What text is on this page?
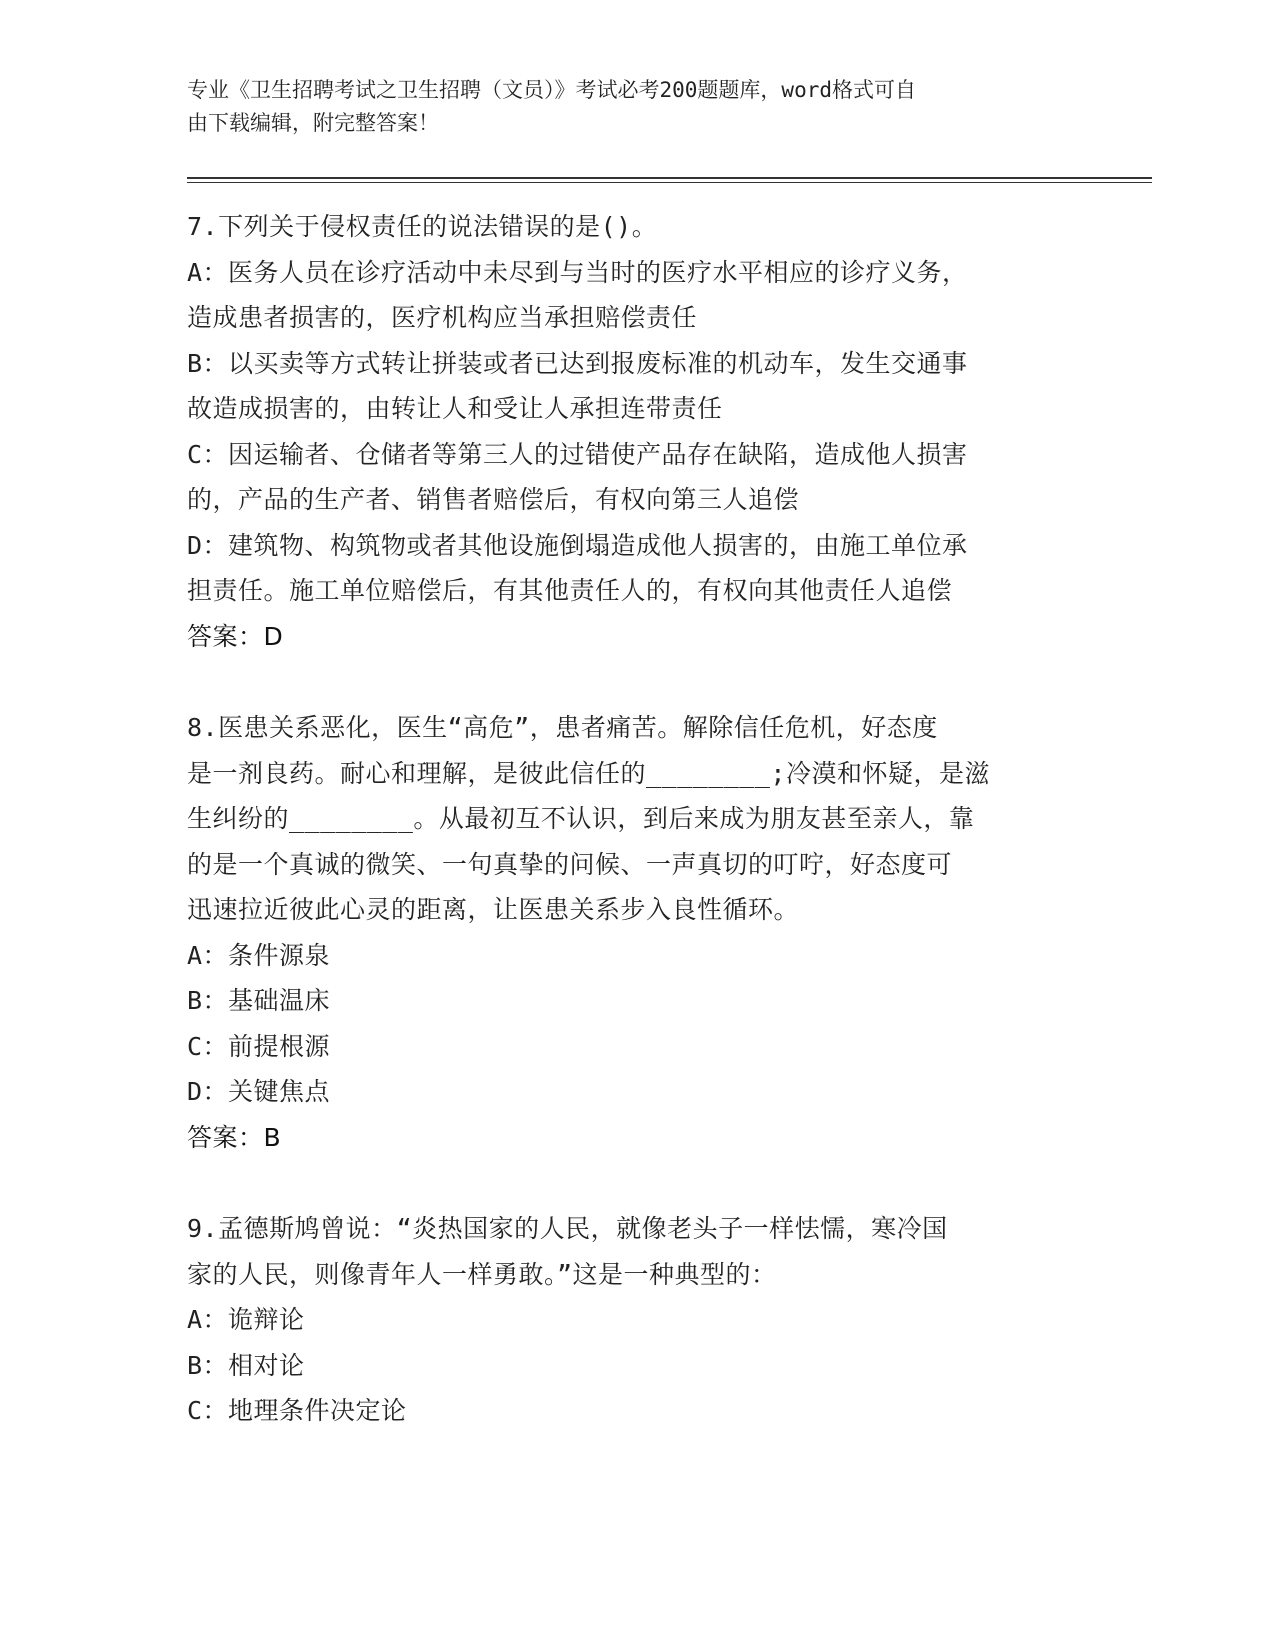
专业《卫生招聘考试之卫生招聘（文员）》考试必考200题题库，word格式可自
由下载编辑，附完整答案！
7.下列关于侵权责任的说法错误的是()。
A：医务人员在诊疗活动中未尽到与当时的医疗水平相应的诊疗义务，
造成患者损害的，医疗机构应当承担赔偿责任
B：以买卖等方式转让拼装或者已达到报废标准的机动车，发生交通事
故造成损害的，由转让人和受让人承担连带责任
C：因运输者、仓储者等第三人的过错使产品存在缺陷，造成他人损害
的，产品的生产者、销售者赔偿后，有权向第三人追偿
D：建筑物、构筑物或者其他设施倒塌造成他人损害的，由施工单位承
担责任。施工单位赔偿后，有其他责任人的，有权向其他责任人追偿
答案：D
8.医患关系恶化，医生“高危”，患者痛苦。解除信任危机，好态度
是一剂良药。耐心和理解，是彼此信任的________;冷漠和怀疑，是滋
生纠纷的________。从最初互不认识，到后来成为朋友甚至亲人，靠
的是一个真诚的微笑、一句真挚的问候、一声真切的叮咛，好态度可
迅速拉近彼此心灵的距离，让医患关系步入良性循环。
A：条件源泉
B：基础温床
C：前提根源
D：关键焦点
答案：B
9.孟德斯鸠曾说：“炎热国家的人民，就像老头子一样怯懦，寒冷国
家的人民，则像青年人一样勇敢。”这是一种典型的：
A：诡辩论
B：相对论
C：地理条件决定论
